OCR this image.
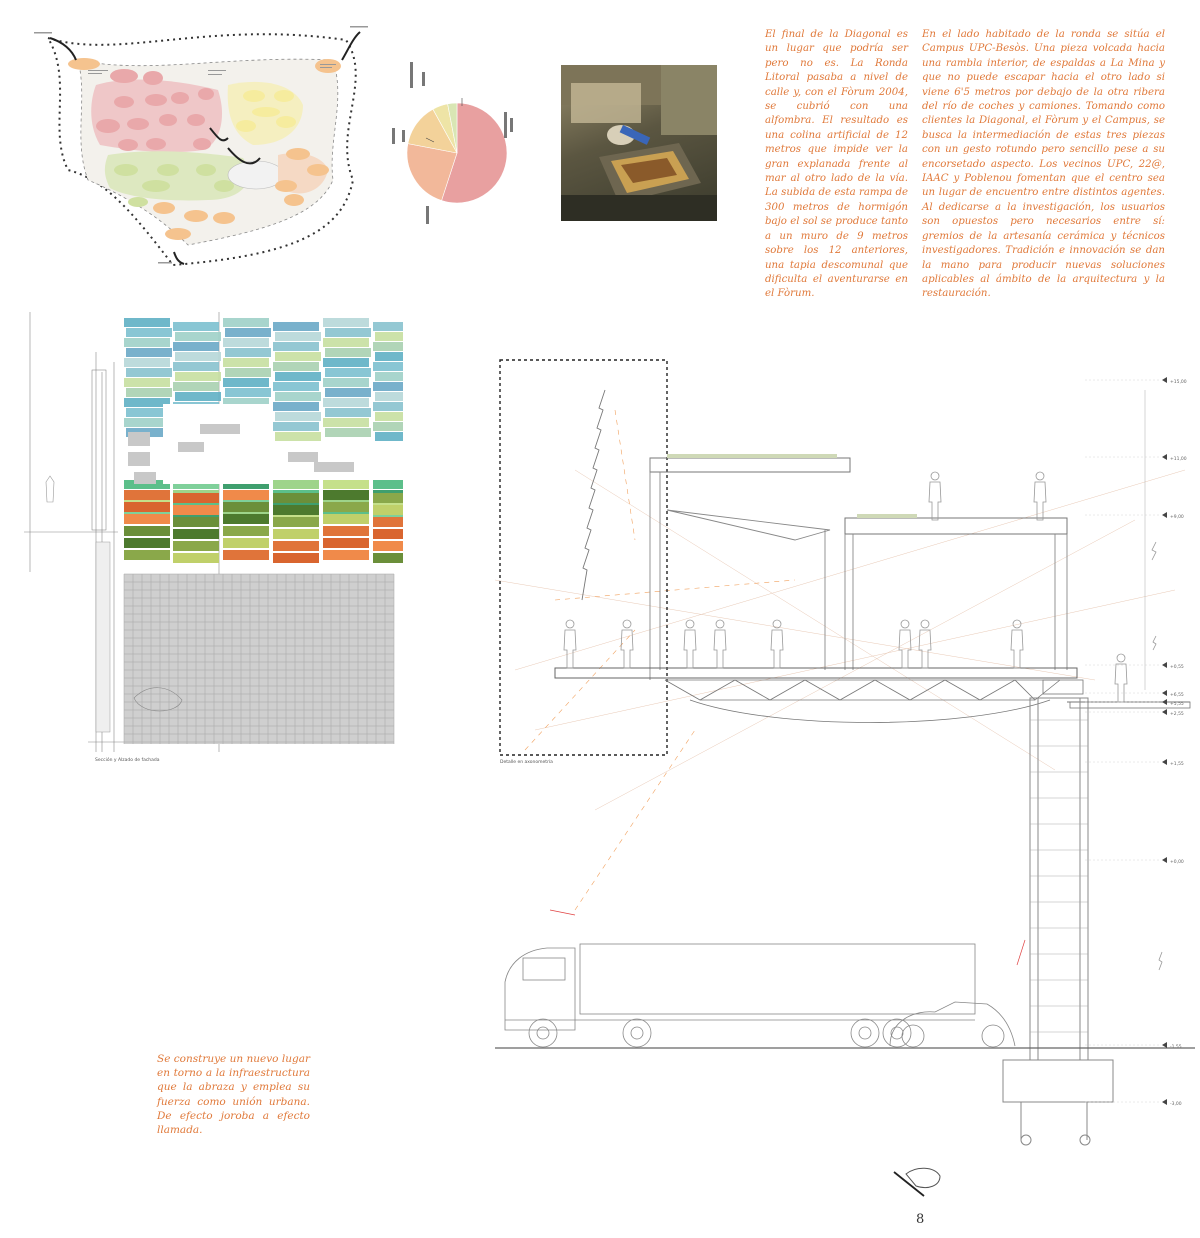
El final de la Diagonal es un lugar que podría ser pero no es. La Ronda Litoral pasaba a nivel de calle y, con el Fòrum 2004, se cubrió con una alfombra. El resultado es una colina artificial de 12 metros que impide ver la gran explanada frente al mar al otro lado de la vía. La subida de esta rampa de 300 metros de hormigón bajo el sol se produce tanto a un muro de 9 metros sobre los 12 anteriores, una tapia descomunal que dificulta el aventurarse en el Fòrum.
En el lado habitado de la ronda se sitúa el Campus UPC-Besòs. Una pieza volcada hacia una rambla interior, de espaldas a La Mina y que no puede escapar hacia el otro lado si viene 6'5 metros por debajo de la otra ribera del río de coches y camiones. Tomando como clientes la Diagonal, el Fòrum y el Campus, se busca la intermediación de estas tres piezas con un gesto rotundo pero sencillo pese a su encorsetado aspecto. Los vecinos UPC, 22@, IAAC y Poblenou fomentan que el centro sea un lugar de encuentro entre distintos agentes. Al dedicarse a la investigación, los usuarios son opuestos pero necesarios entre sí: gremios de la artesanía cerámica y técnicos investigadores. Tradición e innovación se dan la mano para producir nuevas soluciones aplicables al ámbito de la arquitectura y la restauración.
Se construye un nuevo lugar en torno a la infraestructura que la abraza y emplea su fuerza como unión urbana. De efecto joroba a efecto llamada.
Sección y Alzado de fachada
+15,00
+11,00
+9,00
+0,55
+6,55
+5,55
+2,55
+1,55
+0,00
-1,55
-3,00
Detalle en axonometría
8
